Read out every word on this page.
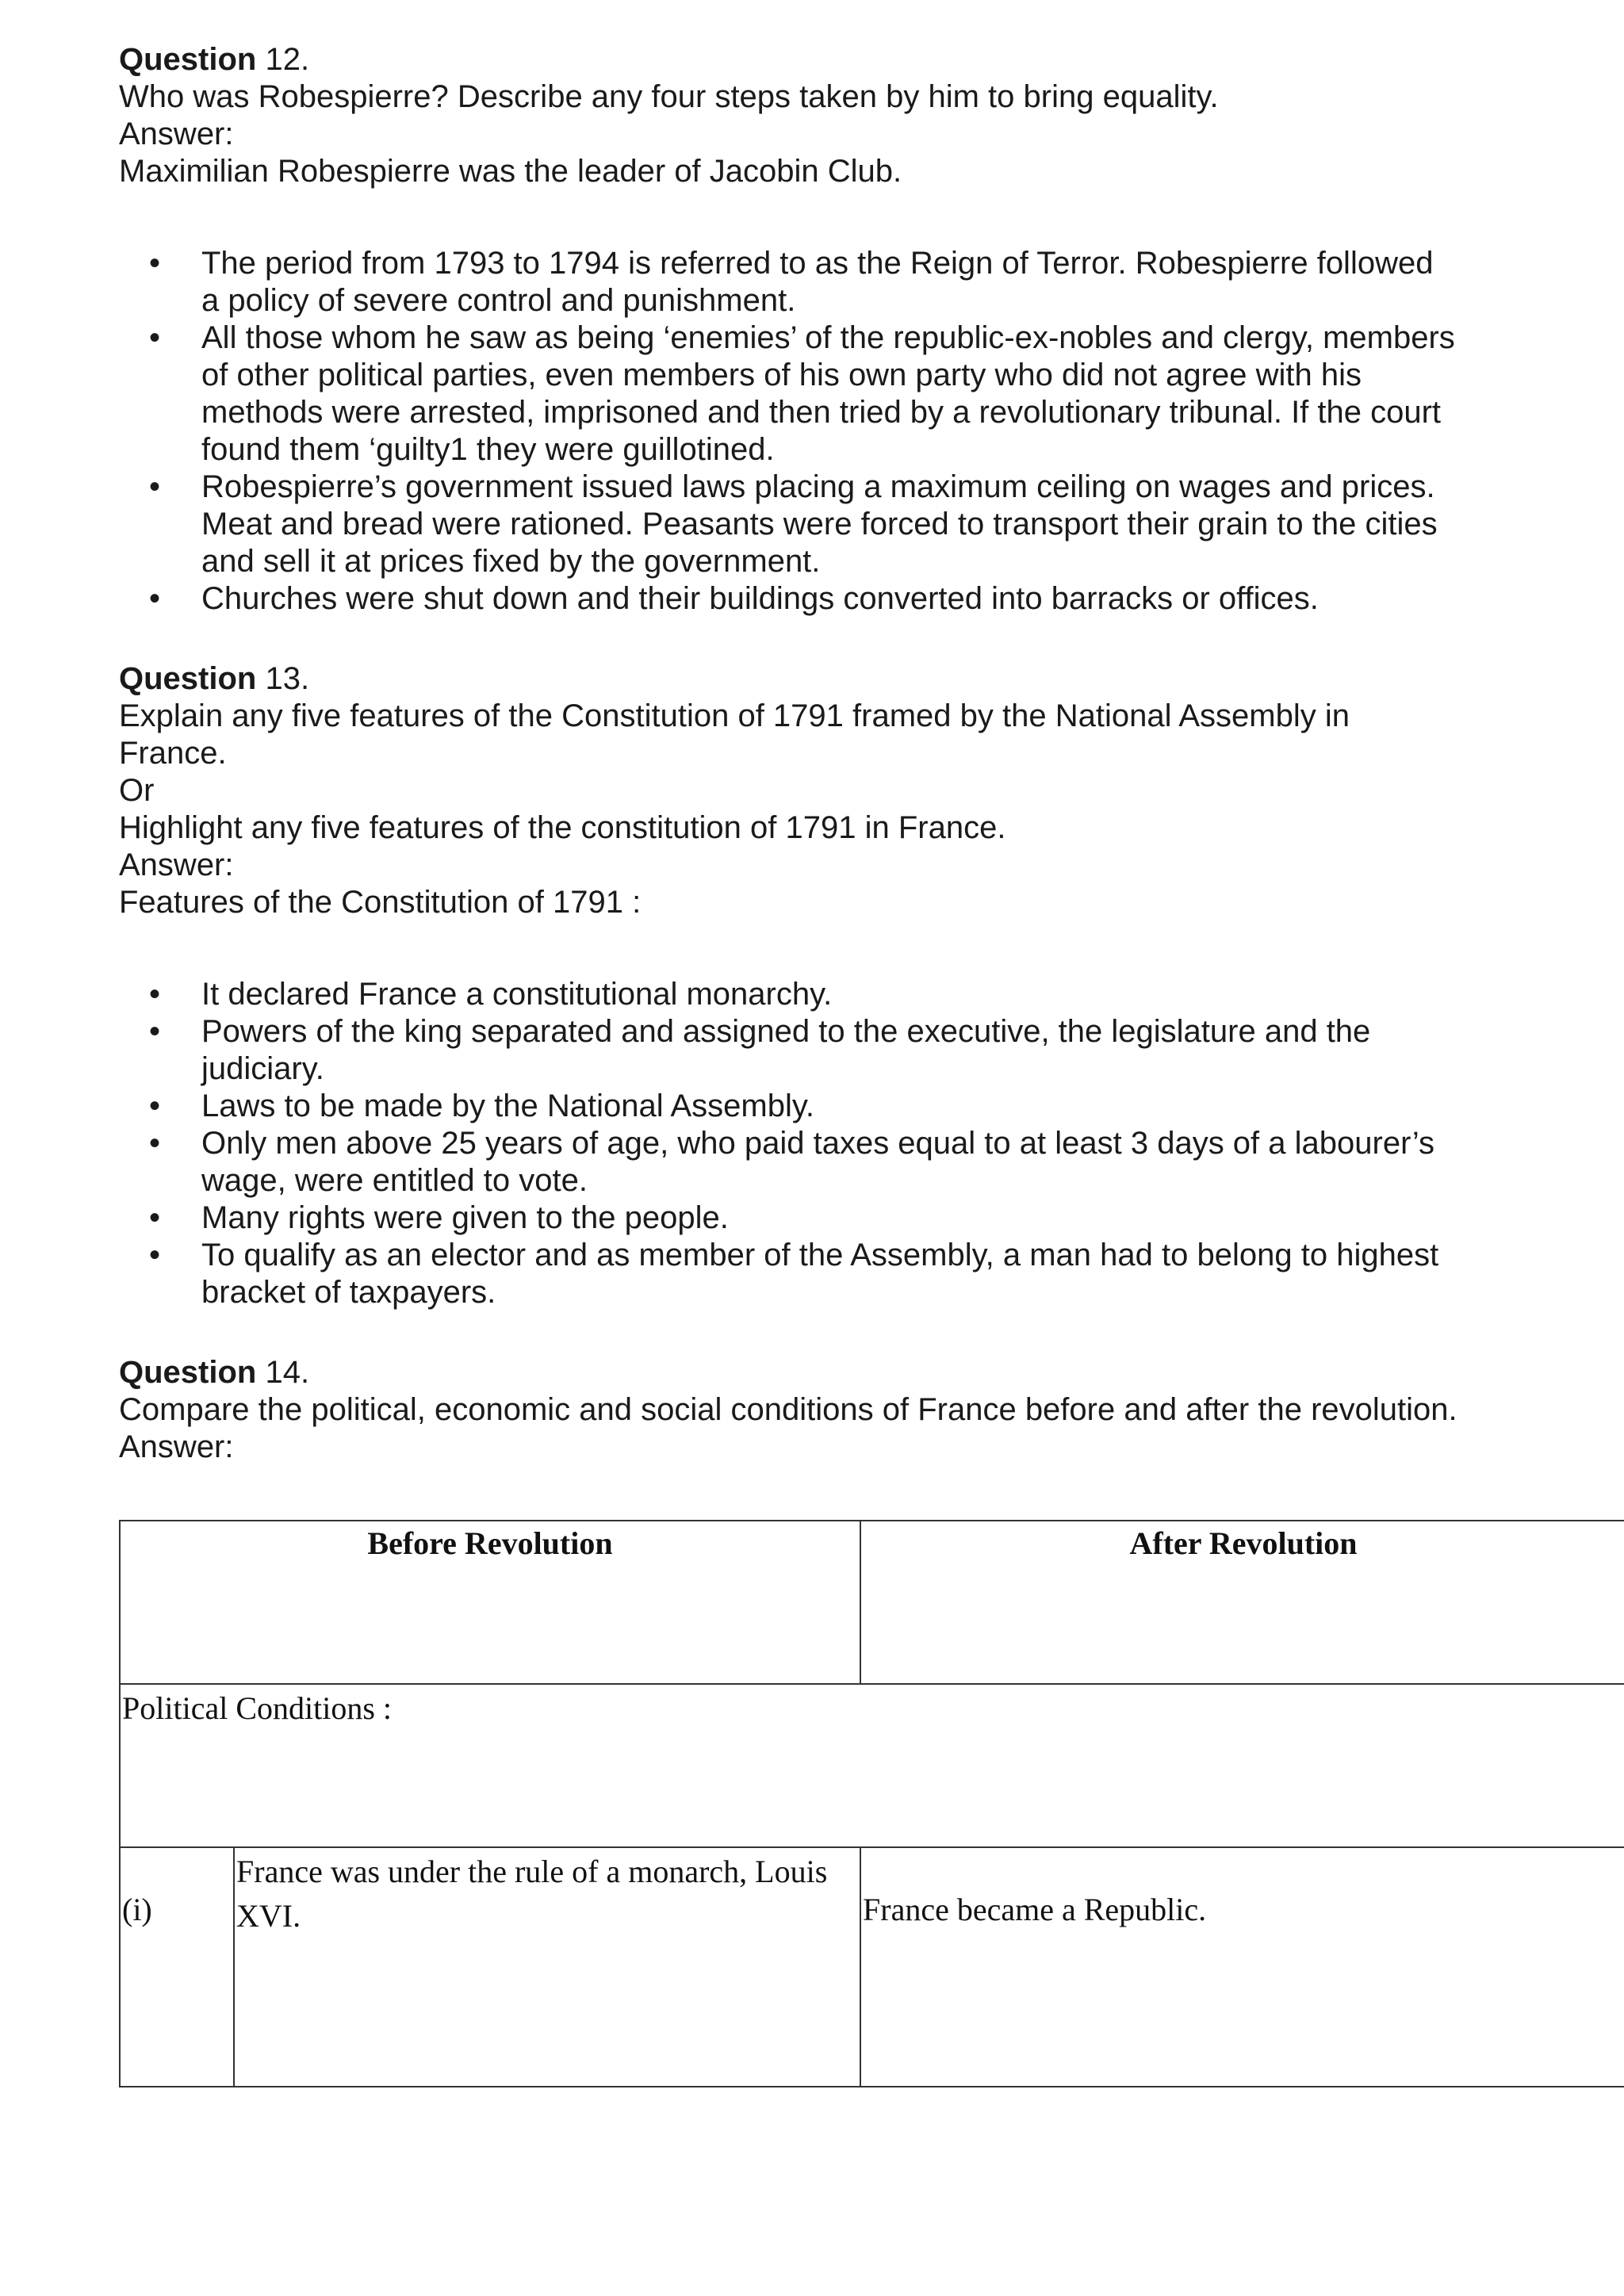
Question 12.

Who was Robespierre? Describe any four steps taken by him to bring equality.

Answer:

Maximilian Robespierre was the leader of Jacobin Club.

• The period from 1793 to 1794 is referred to as the Reign of Terror. Robespierre followed
a policy of severe control and punishment.
• All those whom he saw as being ‘enemies’ of the republic-ex-nobles and clergy, members
of other political parties, even members of his own party who did not agree with his
methods were arrested, imprisoned and then tried by a revolutionary tribunal. If the court
found them ‘guilty1 they were guillotined.
• Robespierre’s government issued laws placing a maximum ceiling on wages and prices.
Meat and bread were rationed. Peasants were forced to transport their grain to the cities
and sell it at prices fixed by the government.
• Churches were shut down and their buildings converted into barracks or offices.

Question 13.

Explain any five features of the Constitution of 1791 framed by the National Assembly in

France.

Or

Highlight any five features of the constitution of 1791 in France.

Answer:

Features of the Constitution of 1791 :

• It declared France a constitutional monarchy.
• Powers of the king separated and assigned to the executive, the legislature and the
judiciary.
• Laws to be made by the National Assembly.
• Only men above 25 years of age, who paid taxes equal to at least 3 days of a labourer’s
wage, were entitled to vote.
• Many rights were given to the people.
• To qualify as an elector and as member of the Assembly, a man had to belong to highest
bracket of taxpayers.

Question 14.

Compare the political, economic and social conditions of France before and after the revolution.

Answer:

Before Revolution	After Revolution
Political Conditions :
(i)
France was under the rule of a monarch, Louis
XVI.	France became a Republic.
